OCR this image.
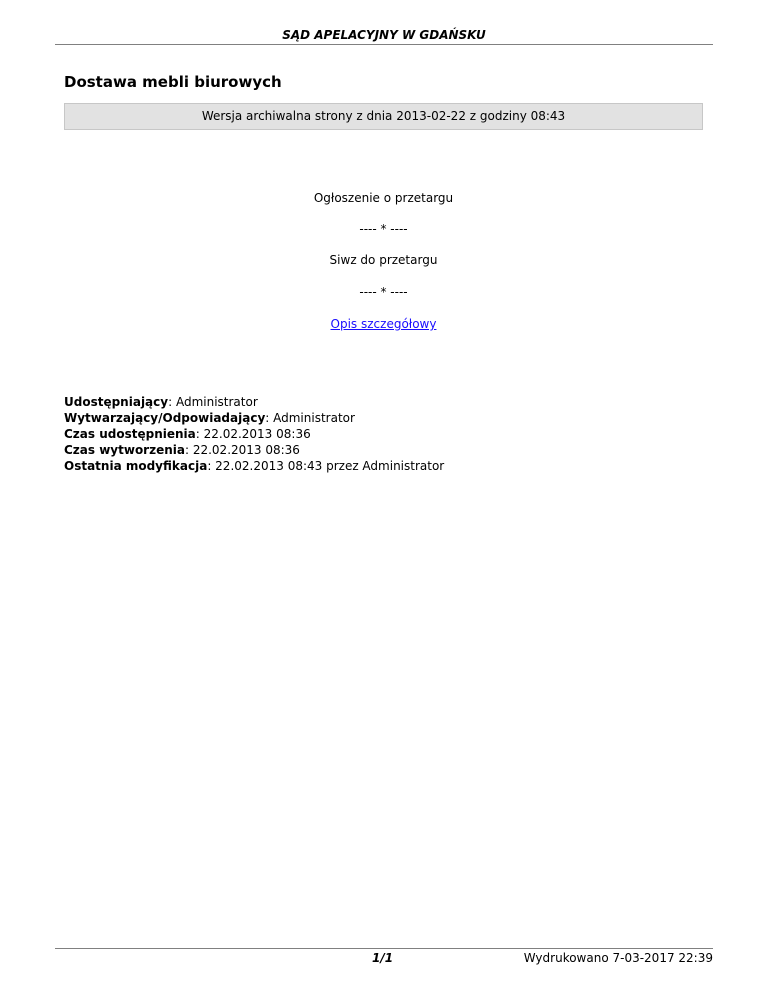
SĄD APELACYJNY W GDAŃSKU
Dostawa mebli biurowych
Wersja archiwalna strony z dnia 2013-02-22 z godziny 08:43
Ogłoszenie o przetargu
---- * ----
Siwz do przetargu
---- * ----
Opis szczegółowy
Udostępniający: Administrator
Wytwarzający/Odpowiadający: Administrator
Czas udostępnienia: 22.02.2013 08:36
Czas wytworzenia: 22.02.2013 08:36
Ostatnia modyfikacja: 22.02.2013 08:43 przez Administrator
1/1	Wydrukowano 7-03-2017 22:39
